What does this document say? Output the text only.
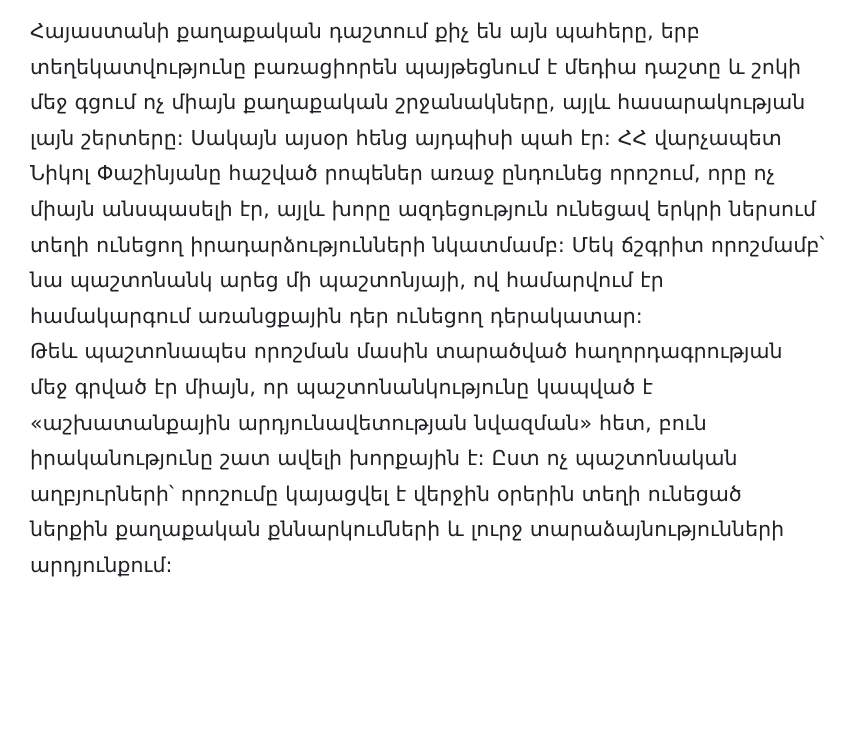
Հայաստանի քաղաքական դաշտում քիչ են այն պահերը, երբ տեղեկատվությունը բառացիորեն պայթեցնում է մեդիա դաշտը և շոկի մեջ գցում ոչ միայն քաղաքական շրջանակները, այլև հասարակության լայն շերտերը: Սակայն այսօր հենց այդպիսի պահ էր: ՀՀ վարչապետ Նիկոլ Փաշինյանը հաշված րոպեներ առաջ ընդունեց որոշում, որը ոչ միայն անսպասելի էր, այլև խորը ազդեցություն ունեցավ երկրի ներսում տեղի ունեցող իրադարձությունների նկատմամբ: Մեկ ճշգրիտ որոշմամբ՝ նա պաշտոնանկ արեց մի պաշտոնյայի, ով համարվում էր համակարգում առանցքային դեր ունեցող դերակատար:

Թեև պաշտոնապես որոշման մասին տարածված հաղորդագրության մեջ գրված էր միայն, որ պաշտոնանկությունը կապված է «աշխատանքային արդյունավետության նվազման» հետ, բուն իրականությունը շատ ավելի խորքային է: Ըստ ոչ պաշտոնական աղբյուրների՝ որոշումը կայացվել է վերջին օրերին տեղի ունեցած ներքին քաղաքական քննարկումների և լուրջ տարաձայնությունների արդյունքում:
